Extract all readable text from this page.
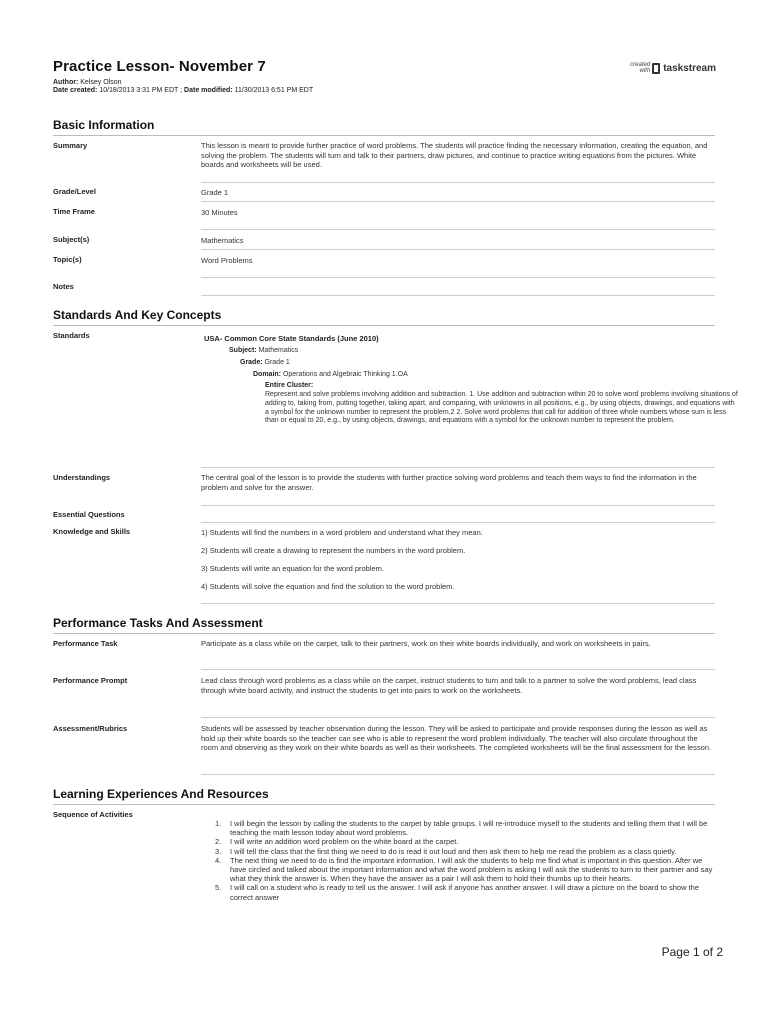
Practice Lesson- November 7
Author: Kelsey Olson
Date created: 10/18/2013 3:31 PM EDT ; Date modified: 11/30/2013 6:51 PM EDT
created
with taskstream
Basic Information
Summary	This lesson is meant to provide further practice of word problems. The students will practice finding the necessary information, creating the equation, and solving the problem. The students will turn and talk to their partners, draw pictures, and continue to practice writing equations from the pictures. White boards and worksheets will be used.
Grade/Level	Grade 1
Time Frame	30 Minutes
Subject(s)	Mathematics
Topic(s)	Word Problems
Notes
Standards And Key Concepts
Standards	USA- Common Core State Standards (June 2010)
Subject: Mathematics
Grade: Grade 1
Domain: Operations and Algebraic Thinking 1.OA
Entire Cluster:
Represent and solve problems involving addition and subtraction. 1. Use addition and subtraction within 20 to solve word problems involving situations of adding to, taking from, putting together, taking apart, and comparing, with unknowns in all positions, e.g., by using objects, drawings, and equations with a symbol for the unknown number to represent the problem.2 2. Solve word problems that call for addition of three whole numbers whose sum is less than or equal to 20, e.g., by using objects, drawings, and equations with a symbol for the unknown number to represent the problem.
Understandings	The central goal of the lesson is to provide the students with further practice solving word problems and teach them ways to find the information in the problem and solve for the answer.
Essential Questions
Knowledge and Skills	1) Students will find the numbers in a word problem and understand what they mean.
2) Students will create a drawing to represent the numbers in the word problem.
3) Students will write an equation for the word problem.
4) Students will solve the equation and find the solution to the word problem.
Performance Tasks And Assessment
Performance Task	Participate as a class while on the carpet, talk to their partners, work on their white boards individually, and work on worksheets in pairs.
Performance Prompt	Lead class through word problems as a class while on the carpet, instruct students to turn and talk to a partner to solve the word problems, lead class through white board activity, and instruct the students to get into pairs to work on the worksheets.
Assessment/Rubrics	Students will be assessed by teacher observation during the lesson. They will be asked to participate and provide responses during the lesson as well as hold up their white boards so the teacher can see who is able to represent the word problem individually. The teacher will also circulate throughout the room and observing as they work on their white boards as well as their worksheets. The completed worksheets will be the final assessment for the lesson.
Learning Experiences And Resources
Sequence of Activities
1. I will begin the lesson by calling the students to the carpet by table groups. I will re-introduce myself to the students and telling them that I will be teaching the math lesson today about word problems.
2. I will write an addition word problem on the white board at the carpet.
3. I will tell the class that the first thing we need to do is read it out loud and then ask them to help me read the problem as a class quietly.
4. The next thing we need to do is find the important information. I will ask the students to help me find what is important in this question. After we have circled and talked about the important information and what the word problem is asking I will ask the students to turn to their partner and say what they think the answer is. When they have the answer as a pair I will ask them to hold their thumbs up to their hearts.
5. I will call on a student who is ready to tell us the answer. I will ask if anyone has another answer. I will draw a picture on the board to show the correct answer
Page 1 of 2
